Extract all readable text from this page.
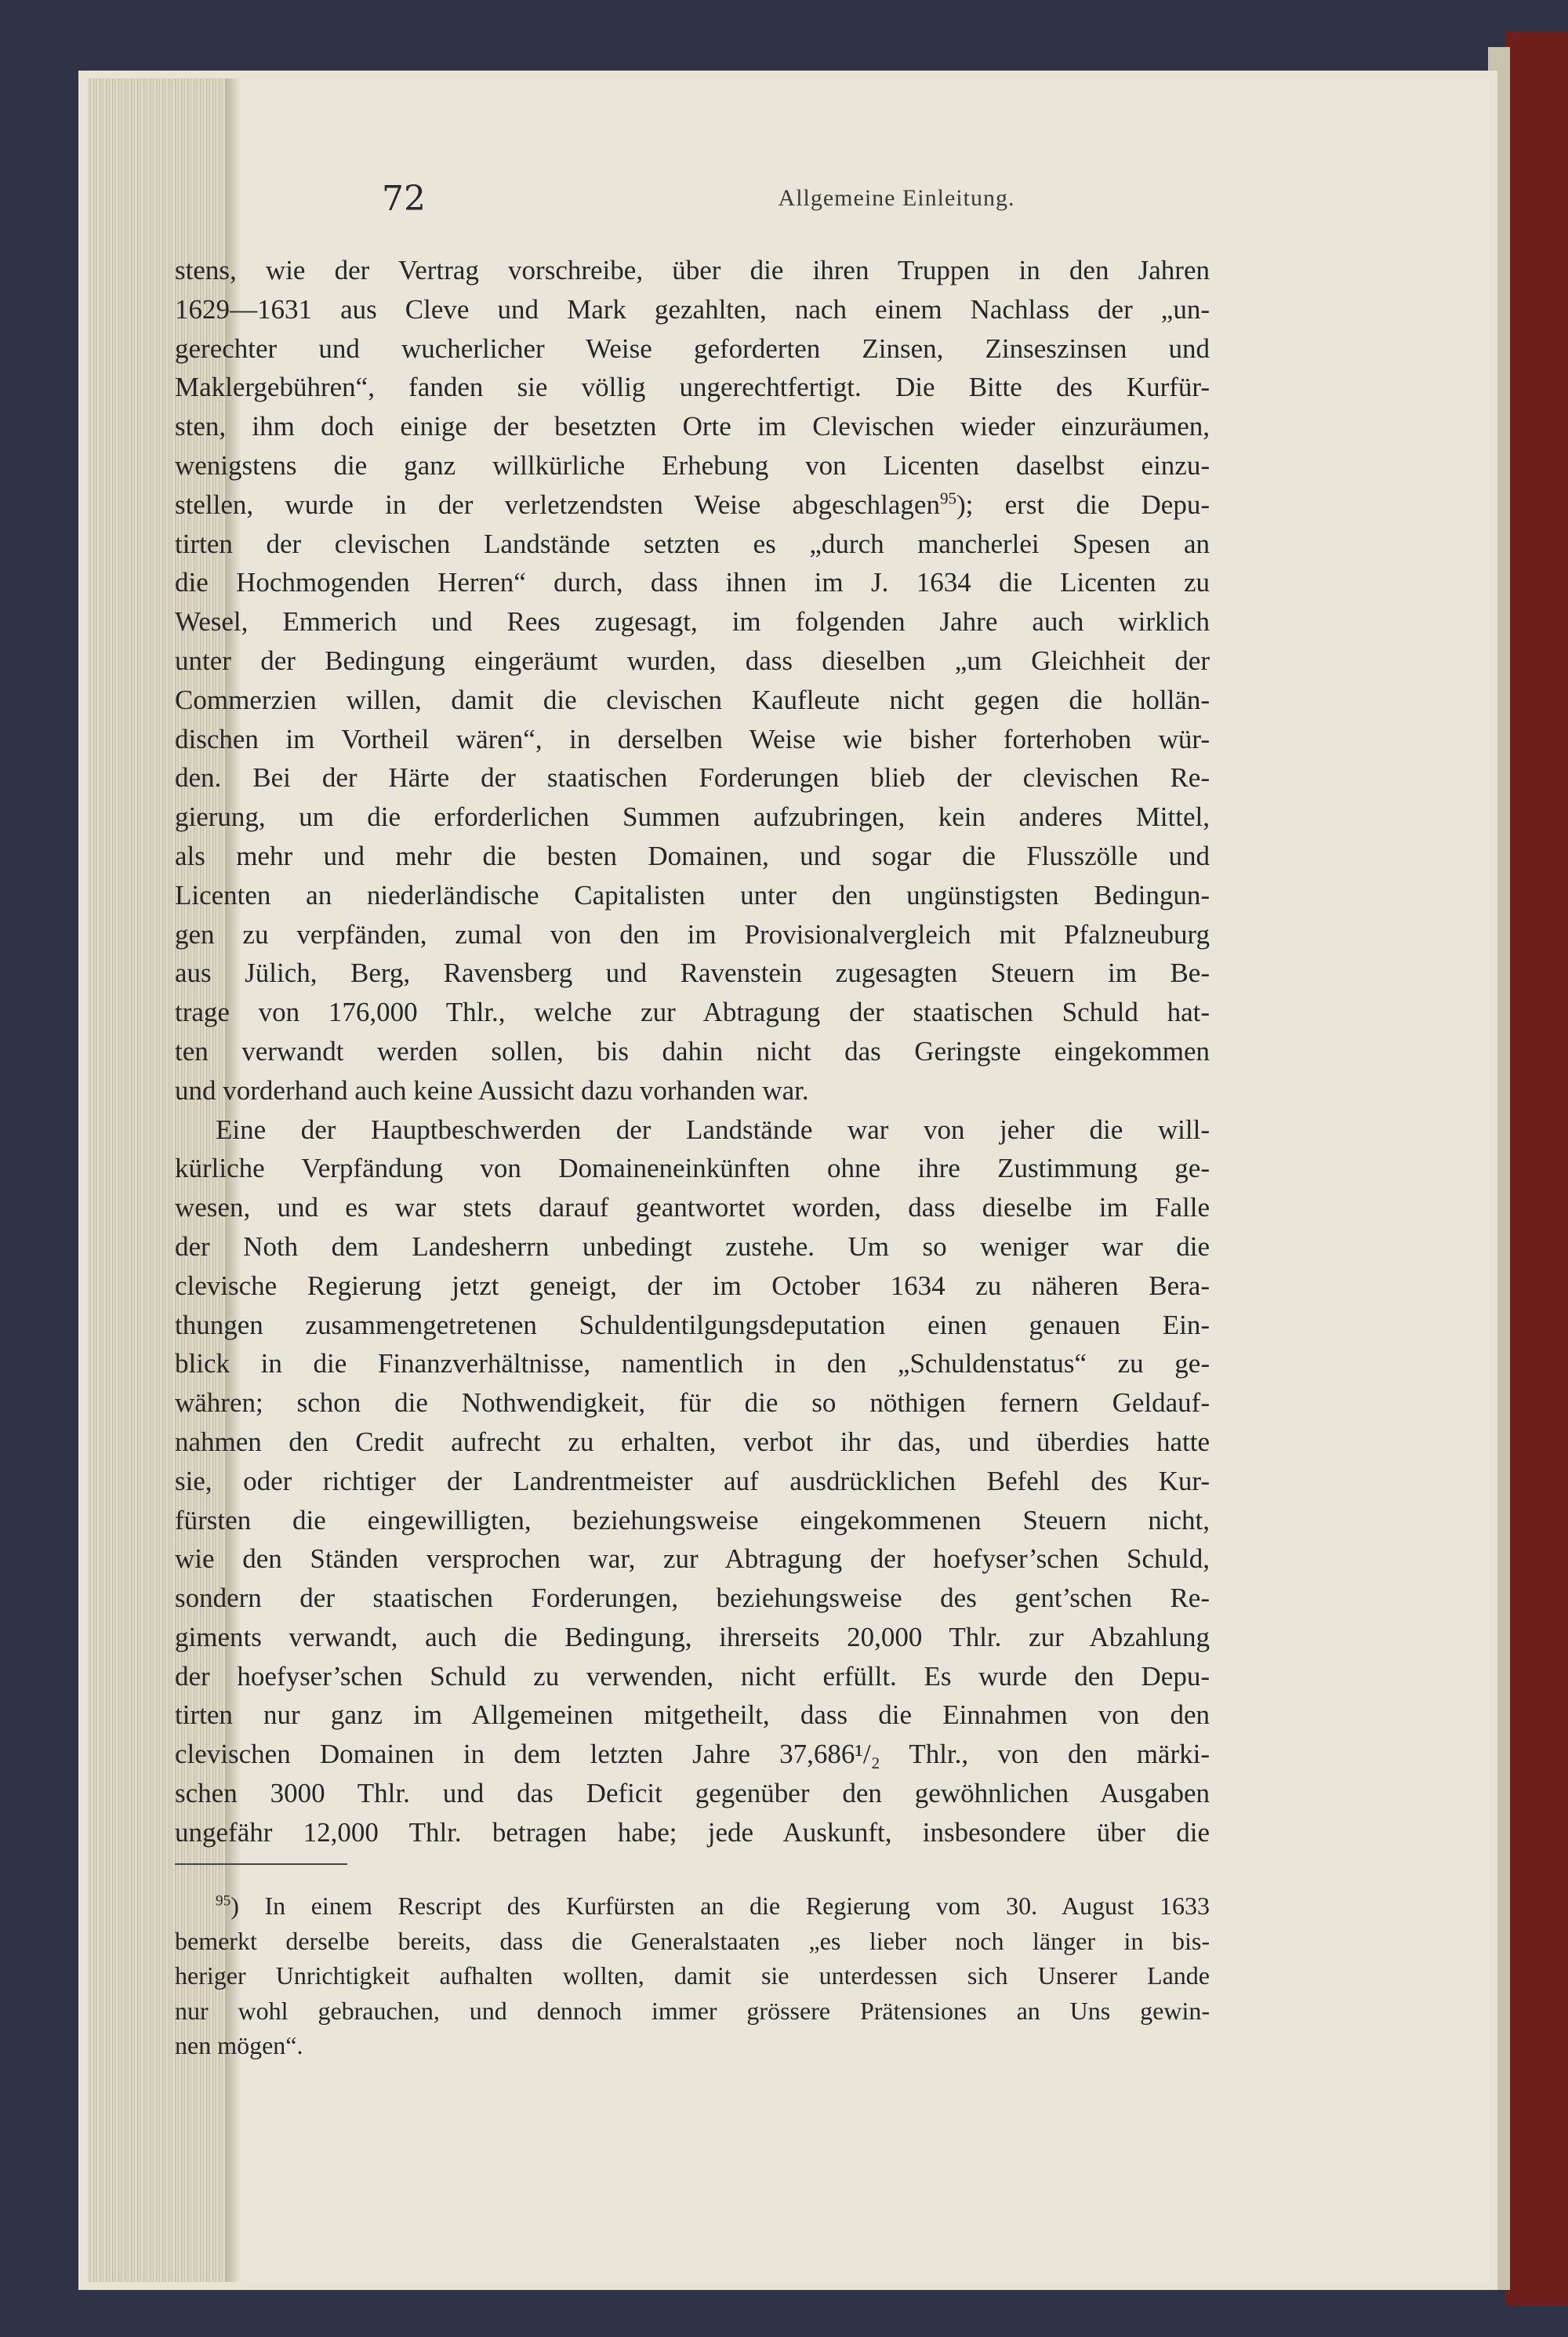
72	Allgemeine Einleitung.
stens, wie der Vertrag vorschreibe, über die ihren Truppen in den Jahren
1629—1631 aus Cleve und Mark gezahlten, nach einem Nachlass der „un-
gerechter und wucherlicher Weise geforderten Zinsen, Zinseszinsen und
Maklergebühren“, fanden sie völlig ungerechtfertigt. Die Bitte des Kurfür-
sten, ihm doch einige der besetzten Orte im Clevischen wieder einzuräumen,
wenigstens die ganz willkürliche Erhebung von Licenten daselbst einzu-
stellen, wurde in der verletzendsten Weise abgeschlagen$^{95}$); erst die Depu-
tirten der clevischen Landstände setzten es „durch mancherlei Spesen an
die Hochmogenden Herren“ durch, dass ihnen im J. 1634 die Licenten zu
Wesel, Emmerich und Rees zugesagt, im folgenden Jahre auch wirklich
unter der Bedingung eingeräumt wurden, dass dieselben „um Gleichheit der
Commerzien willen, damit die clevischen Kaufleute nicht gegen die hollän-
dischen im Vortheil wären“, in derselben Weise wie bisher forterhoben wür-
den. Bei der Härte der staatischen Forderungen blieb der clevischen Re-
gierung, um die erforderlichen Summen aufzubringen, kein anderes Mittel,
als mehr und mehr die besten Domainen, und sogar die Flusszölle und
Licenten an niederländische Capitalisten unter den ungünstigsten Bedingun-
gen zu verpfänden, zumal von den im Provisionalvergleich mit Pfalzneuburg
aus Jülich, Berg, Ravensberg und Ravenstein zugesagten Steuern im Be-
trage von 176,000 Thlr., welche zur Abtragung der staatischen Schuld hat-
ten verwandt werden sollen, bis dahin nicht das Geringste eingekommen
und vorderhand auch keine Aussicht dazu vorhanden war.
Eine der Hauptbeschwerden der Landstände war von jeher die will-
kürliche Verpfändung von Domaineneinkünften ohne ihre Zustimmung ge-
wesen, und es war stets darauf geantwortet worden, dass dieselbe im Falle
der Noth dem Landesherrn unbedingt zustehe. Um so weniger war die
clevische Regierung jetzt geneigt, der im October 1634 zu näheren Bera-
thungen zusammengetretenen Schuldentilgungsdeputation einen genauen Ein-
blick in die Finanzverhältnisse, namentlich in den „Schuldenstatus“ zu ge-
währen; schon die Nothwendigkeit, für die so nöthigen fernern Geldauf-
nahmen den Credit aufrecht zu erhalten, verbot ihr das, und überdies hatte
sie, oder richtiger der Landrentmeister auf ausdrücklichen Befehl des Kur-
fürsten die eingewilligten, beziehungsweise eingekommenen Steuern nicht,
wie den Ständen versprochen war, zur Abtragung der hoefyser’schen Schuld,
sondern der staatischen Forderungen, beziehungsweise des gent’schen Re-
giments verwandt, auch die Bedingung, ihrerseits 20,000 Thlr. zur Abzahlung
der hoefyser’schen Schuld zu verwenden, nicht erfüllt. Es wurde den Depu-
tirten nur ganz im Allgemeinen mitgetheilt, dass die Einnahmen von den
clevischen Domainen in dem letzten Jahre 37,686¹/₂ Thlr., von den märki-
schen 3000 Thlr. und das Deficit gegenüber den gewöhnlichen Ausgaben
ungefähr 12,000 Thlr. betragen habe; jede Auskunft, insbesondere über die
$^{95}$) In einem Rescript des Kurfürsten an die Regierung vom 30. August 1633
bemerkt derselbe bereits, dass die Generalstaaten „es lieber noch länger in bis-
heriger Unrichtigkeit aufhalten wollten, damit sie unterdessen sich Unserer Lande
nur wohl gebrauchen, und dennoch immer grössere Prätensiones an Uns gewin-
nen mögen“.
